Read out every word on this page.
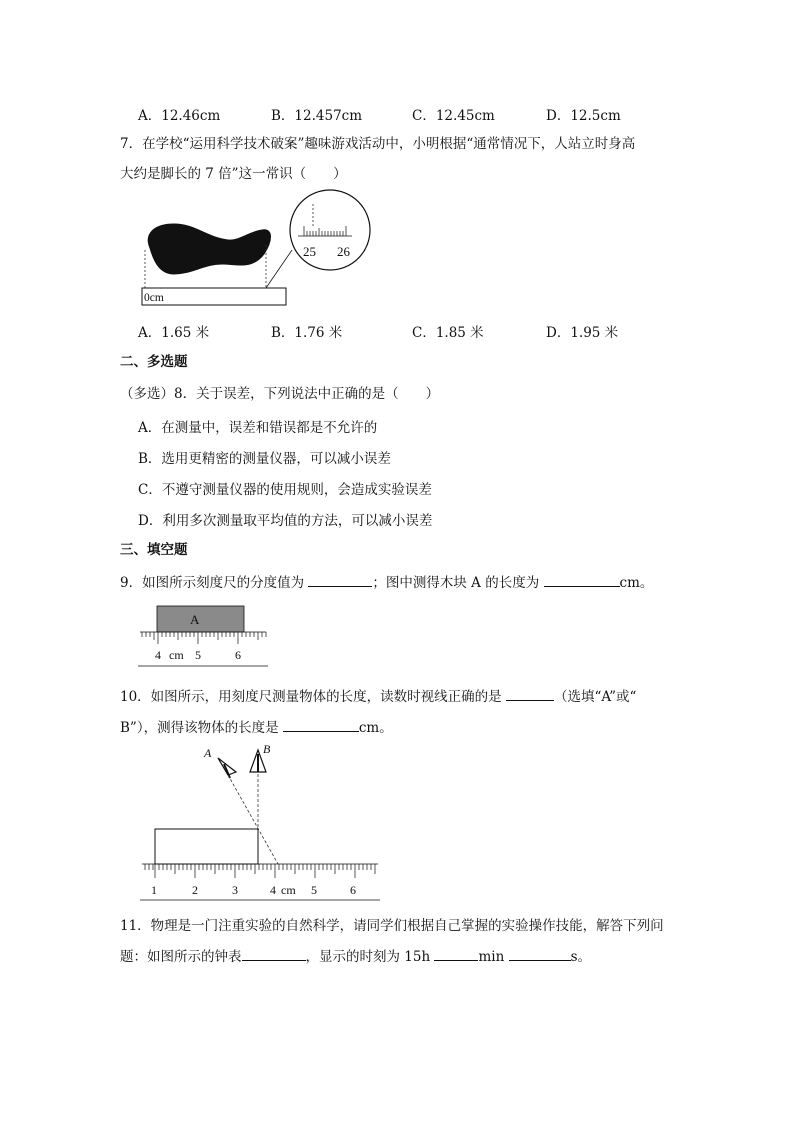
A．12.46cm	B．12.457cm	C．12.45cm	D．12.5cm
7．在学校“运用科学技术破案”趣味游戏活动中，小明根据“通常情况下，人站立时身高
大约是脚长的 7 倍”这一常识（　　）
0cm
25 26
A．1.65 米	B．1.76 米	C．1.85 米	D．1.95 米
二、多选题
（多选）8．关于误差，下列说法中正确的是（　　）
A．在测量中，误差和错误都是不允许的
B．选用更精密的测量仪器，可以减小误差
C．不遵守测量仪器的使用规则，会造成实验误差
D．利用多次测量取平均值的方法，可以减小误差
三、填空题
9．如图所示刻度尺的分度值为	；图中测得木块 A 的长度为	cm。
A
4 cm 5	6
10．如图所示，用刻度尺测量物体的长度，读数时视线正确的是	（选填“A”或“
B”），测得该物体的长度是	cm。
A	B
1	2	3	4 cm 5	6
11．物理是一门注重实验的自然科学，请同学们根据自己掌握的实验操作技能，解答下列问
题：如图所示的钟表	，显示的时刻为 15h	min	s。
